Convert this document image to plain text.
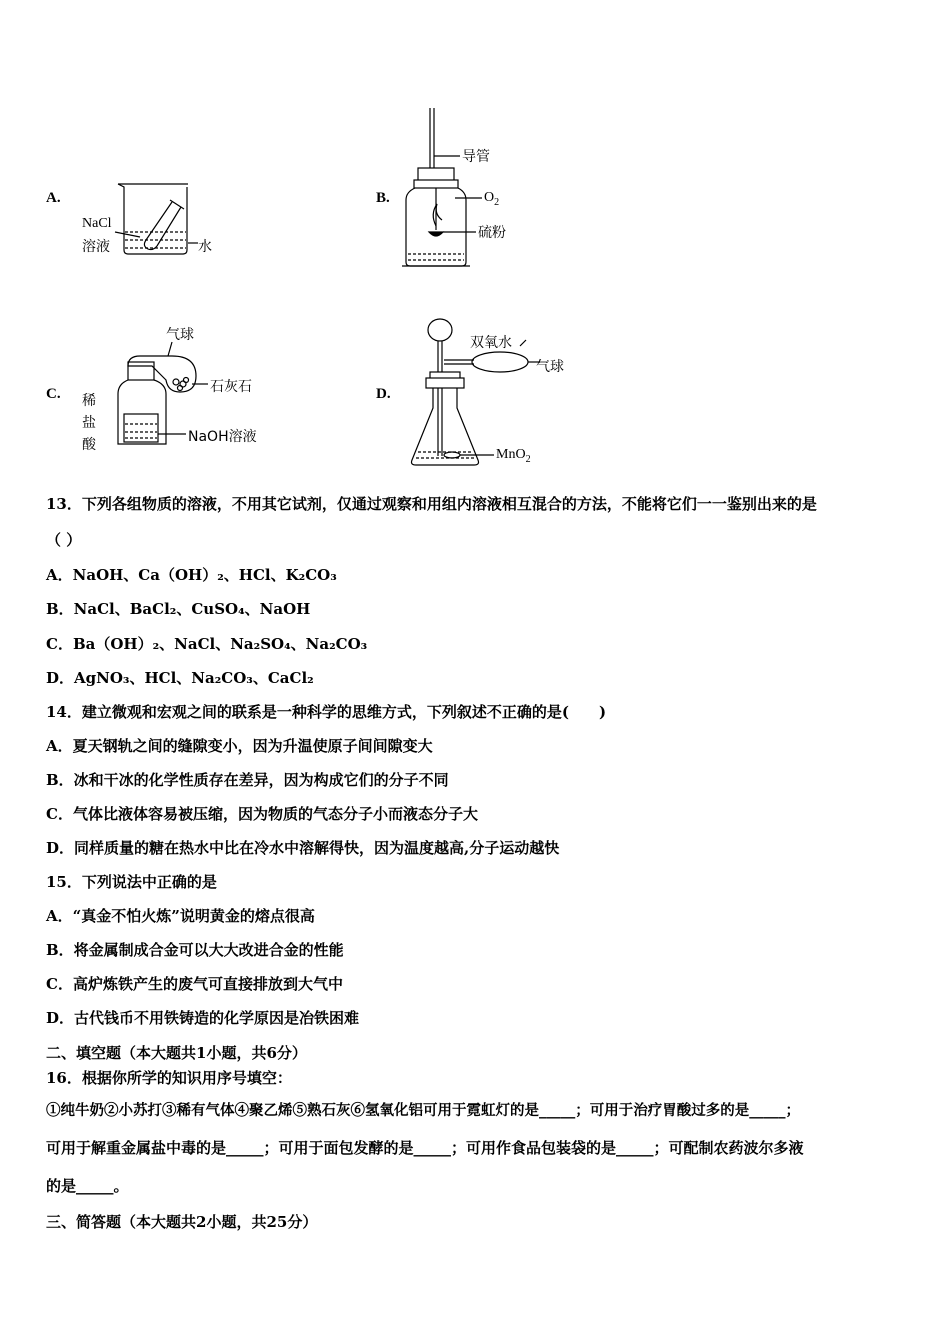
A.
NaCl
溶液	水
B.
导管
$O_2$
硫粉
C.
气球
石灰石
稀
盐
酸	NaOH溶液
D.
双氧水
气球
MnO$_2$
13．下列各组物质的溶液，不用其它试剂，仅通过观察和用组内溶液相互混合的方法，不能将它们一一鉴别出来的是
（ ）
A．NaOH、Ca（OH）₂、HCl、K₂CO₃
B．NaCl、BaCl₂、CuSO₄、NaOH
C．Ba（OH）₂、NaCl、Na₂SO₄、Na₂CO₃
D．AgNO₃、HCl、Na₂CO₃、CaCl₂
14．建立微观和宏观之间的联系是一种科学的思维方式，下列叙述不正确的是(　　)
A．夏天钢轨之间的缝隙变小，因为升温使原子间间隙变大
B．冰和干冰的化学性质存在差异，因为构成它们的分子不同
C．气体比液体容易被压缩，因为物质的气态分子小而液态分子大
D．同样质量的糖在热水中比在冷水中溶解得快，因为温度越高,分子运动越快
15．下列说法中正确的是
A．“真金不怕火炼”说明黄金的熔点很高
B．将金属制成合金可以大大改进合金的性能
C．高炉炼铁产生的废气可直接排放到大气中
D．古代钱币不用铁铸造的化学原因是冶铁困难
二、填空题（本大题共1小题，共6分）
16．根据你所学的知识用序号填空：
①纯牛奶②小苏打③稀有气体④聚乙烯⑤熟石灰⑥氢氧化铝可用于霓虹灯的是_____；可用于治疗胃酸过多的是_____；
可用于解重金属盐中毒的是_____；可用于面包发酵的是_____；可用作食品包装袋的是_____；可配制农药波尔多液
的是_____。
三、简答题（本大题共2小题，共25分）
